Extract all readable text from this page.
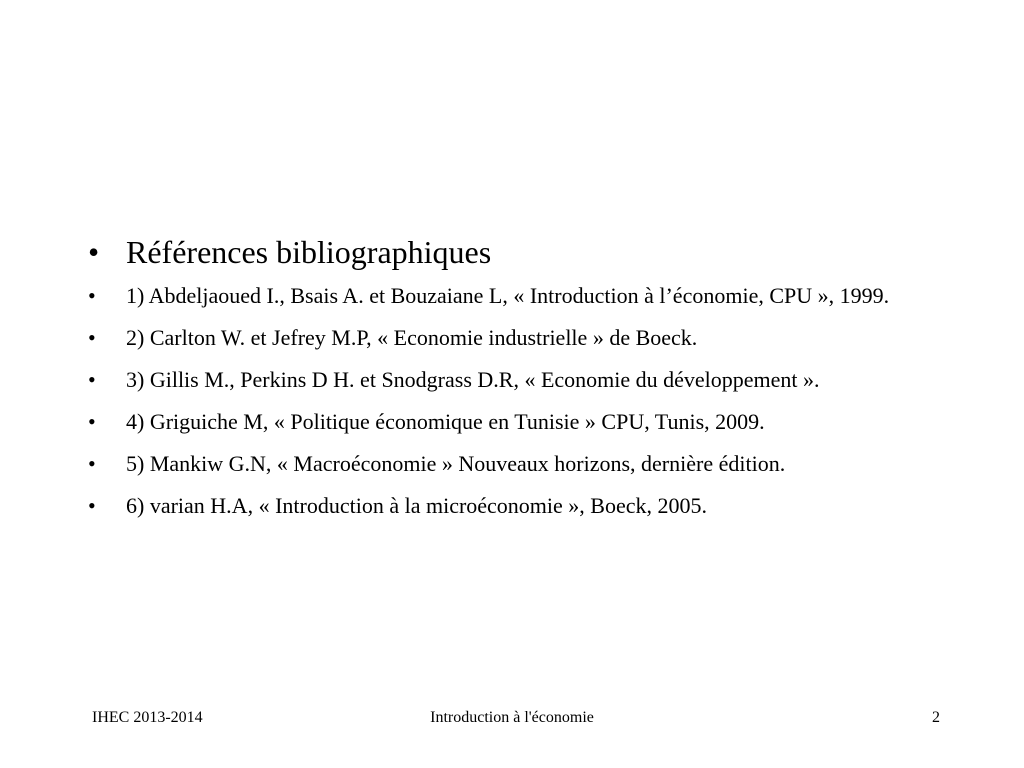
• Références bibliographiques
• 1) Abdeljaoued I., Bsais A. et Bouzaiane L, « Introduction à l’économie, CPU », 1999.
• 2) Carlton W. et Jefrey M.P, « Economie industrielle » de Boeck.
• 3) Gillis M., Perkins D H. et Snodgrass D.R, « Economie du développement ».
• 4) Griguiche M, « Politique économique en Tunisie » CPU, Tunis, 2009.
• 5) Mankiw G.N, « Macroéconomie » Nouveaux horizons, dernière édition.
• 6) varian H.A, « Introduction à la microéconomie », Boeck, 2005.
Introduction à l'économie
IHEC 2013-2014	2
